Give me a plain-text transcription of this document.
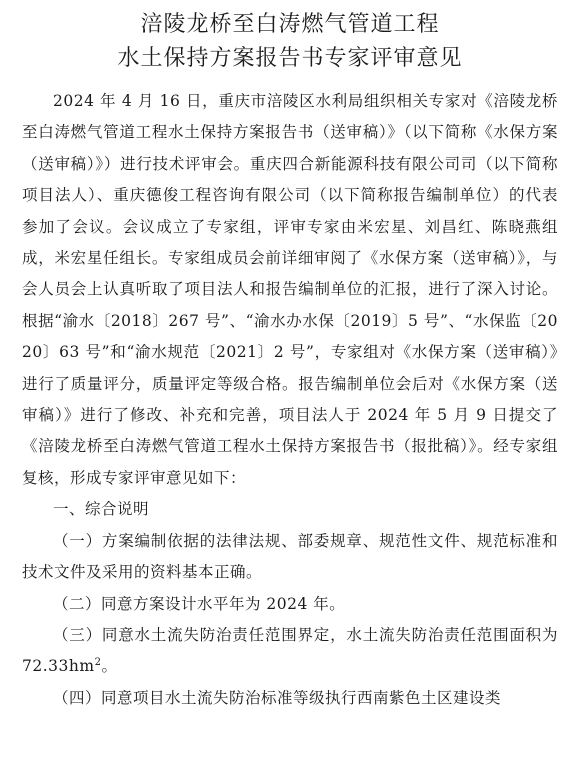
涪陵龙桥至白涛燃气管道工程
水土保持方案报告书专家评审意见

2024 年 4 月 16 日，重庆市涪陵区水利局组织相关专家对《涪陵龙桥至白涛燃气管道工程水土保持方案报告书（送审稿）》（以下简称《水保方案（送审稿）》）进行技术评审会。重庆四合新能源科技有限公司司（以下简称项目法人）、重庆德俊工程咨询有限公司（以下简称报告编制单位）的代表参加了会议。会议成立了专家组，评审专家由米宏星、刘昌红、陈晓燕组成，米宏星任组长。专家组成员会前详细审阅了《水保方案（送审稿）》，与会人员会上认真听取了项目法人和报告编制单位的汇报，进行了深入讨论。根据“渝水〔2018〕267 号”、“渝水办水保〔2019〕5 号”、“水保监〔2020〕63 号”和“渝水规范〔2021〕2 号”，专家组对《水保方案（送审稿）》进行了质量评分，质量评定等级合格。报告编制单位会后对《水保方案（送审稿）》进行了修改、补充和完善，项目法人于 2024 年 5 月 9 日提交了《涪陵龙桥至白涛燃气管道工程水土保持方案报告书（报批稿）》。经专家组复核，形成专家评审意见如下：

一、综合说明

（一）方案编制依据的法律法规、部委规章、规范性文件、规范标准和技术文件及采用的资料基本正确。

（二）同意方案设计水平年为 2024 年。

（三）同意水土流失防治责任范围界定，水土流失防治责任范围面积为 $72.33hm^2$。

（四）同意项目水土流失防治标准等级执行西南紫色土区建设类
